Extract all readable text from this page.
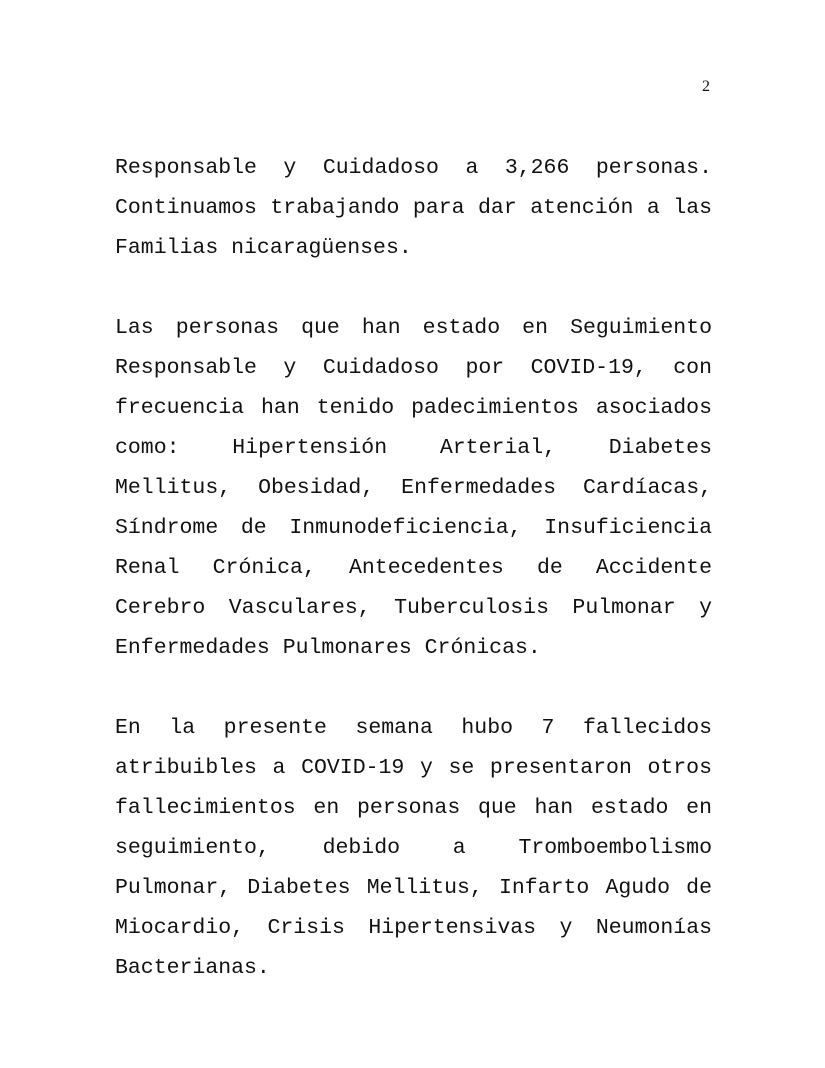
2

Responsable y Cuidadoso a 3,266 personas. Continuamos trabajando para dar atención a las Familias nicaragüenses.

Las personas que han estado en Seguimiento Responsable y Cuidadoso por COVID-19, con frecuencia han tenido padecimientos asociados como: Hipertensión Arterial, Diabetes Mellitus, Obesidad, Enfermedades Cardíacas, Síndrome de Inmunodeficiencia, Insuficiencia Renal Crónica, Antecedentes de Accidente Cerebro Vasculares, Tuberculosis Pulmonar y Enfermedades Pulmonares Crónicas.

En la presente semana hubo 7 fallecidos atribuibles a COVID-19 y se presentaron otros fallecimientos en personas que han estado en seguimiento, debido a Tromboembolismo Pulmonar, Diabetes Mellitus, Infarto Agudo de Miocardio, Crisis Hipertensivas y Neumonías Bacterianas.
